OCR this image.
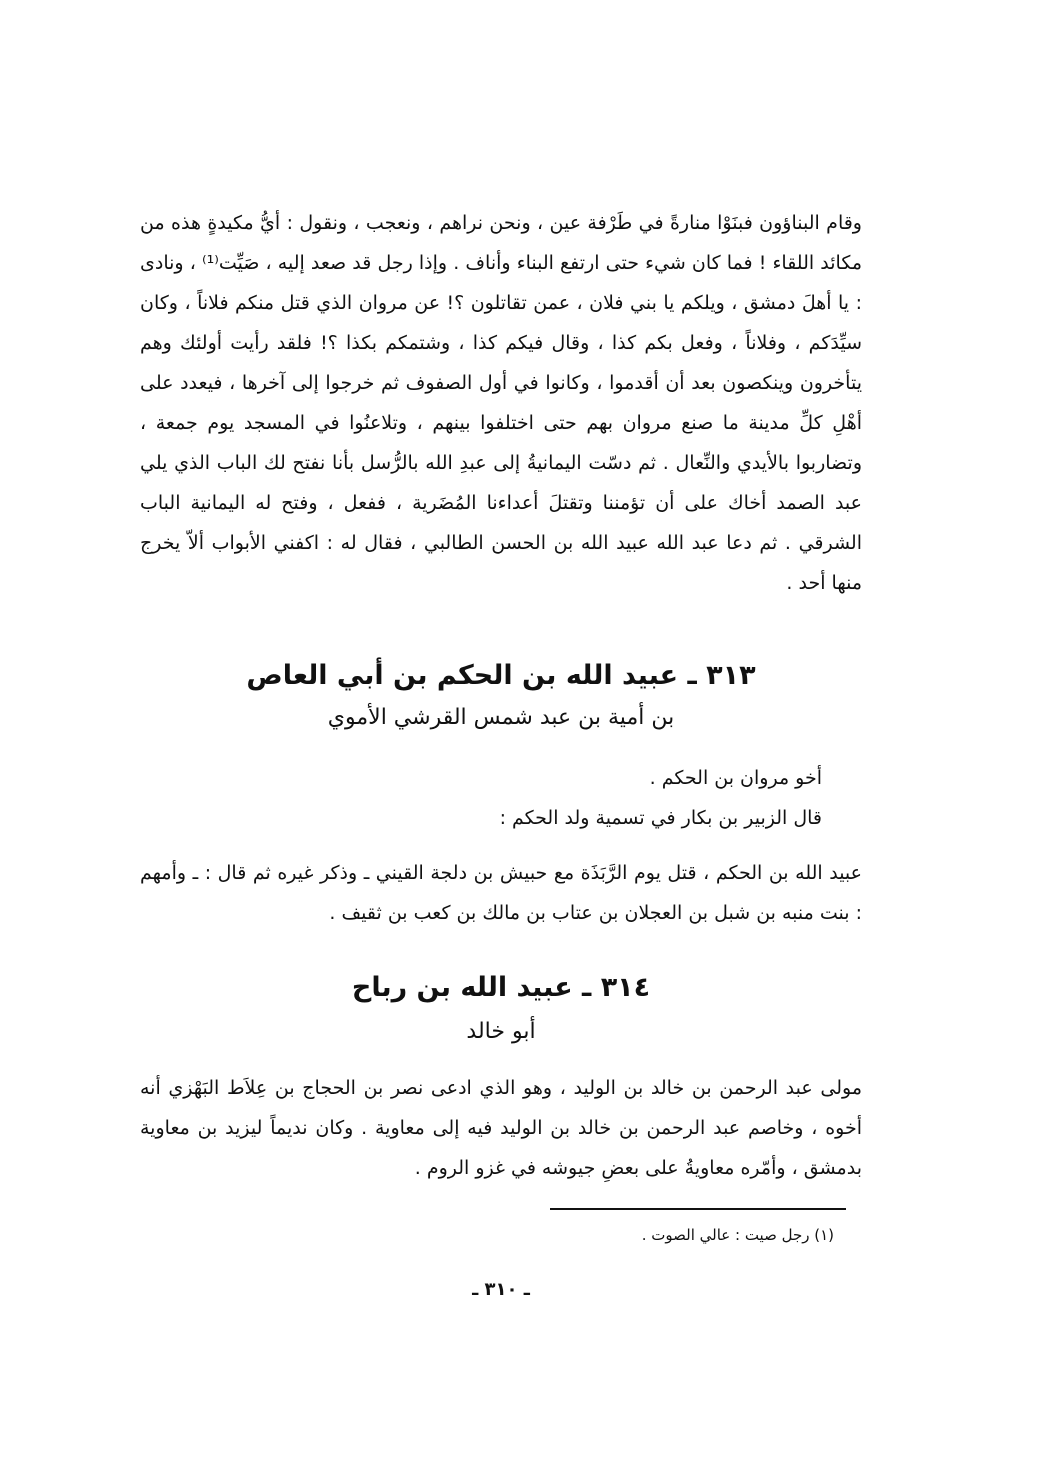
وقام البناؤون فبنَوْا منارةً في طَرْفة عين ، ونحن نراهم ، ونعجب ، ونقول : أيُّ مكيدةٍ هذه من مكائد اللقاء ! فما كان شيء حتى ارتفع البناء وأناف . وإذا رجل قد صعد إليه ، صَيِّت⁽¹⁾ ، ونادى : يا أهلَ دمشق ، ويلكم يا بني فلان ، عمن تقاتلون ؟! عن مروان الذي قتل منكم فلاناً ، وكان سيِّدَكم ، وفلاناً ، وفعل بكم كذا ، وقال فيكم كذا ، وشتمكم بكذا ؟! فلقد رأيت أولئك وهم يتأخرون وينكصون بعد أن أقدموا ، وكانوا في أول الصفوف ثم خرجوا إلى آخرها ، فيعدد على أهْلِ كلِّ مدينة ما صنع مروان بهم حتى اختلفوا بينهم ، وتلاعنُوا في المسجد يوم جمعة ، وتضاربوا بالأيدي والنِّعال . ثم دسّت اليمانيةُ إلى عبدِ الله بالرُّسل بأنا نفتح لك الباب الذي يلي عبد الصمد أخاك على أن تؤمننا وتقتلَ أعداءنا المُضَرية ، ففعل ، وفتح له اليمانية الباب الشرقي . ثم دعا عبد الله عبيد الله بن الحسن الطالبي ، فقال له : اكفني الأبواب ألاّ يخرج منها أحد .

٣١٣ ـ عبيد الله بن الحكم بن أبي العاص
بن أمية بن عبد شمس القرشي الأموي
أخو مروان بن الحكم .
قال الزبير بن بكار في تسمية ولد الحكم :

عبيد الله بن الحكم ، قتل يوم الرَّبَذَة مع حبيش بن دلجة القيني ـ وذكر غيره ثم قال : ـ وأمهم : بنت منبه بن شبل بن العجلان بن عتاب بن مالك بن كعب بن ثقيف .

٣١٤ ـ عبيد الله بن رباح
أبو خالد

مولى عبد الرحمن بن خالد بن الوليد ، وهو الذي ادعى نصر بن الحجاج بن عِلاَط البَهْزي أنه أخوه ، وخاصم عبد الرحمن بن خالد بن الوليد فيه إلى معاوية . وكان نديماً ليزيد بن معاوية بدمشق ، وأمّره معاويةُ على بعضِ جيوشه في غزو الروم .

(١) رجل صيت : عالي الصوت .
ـ ٣١٠ ـ
